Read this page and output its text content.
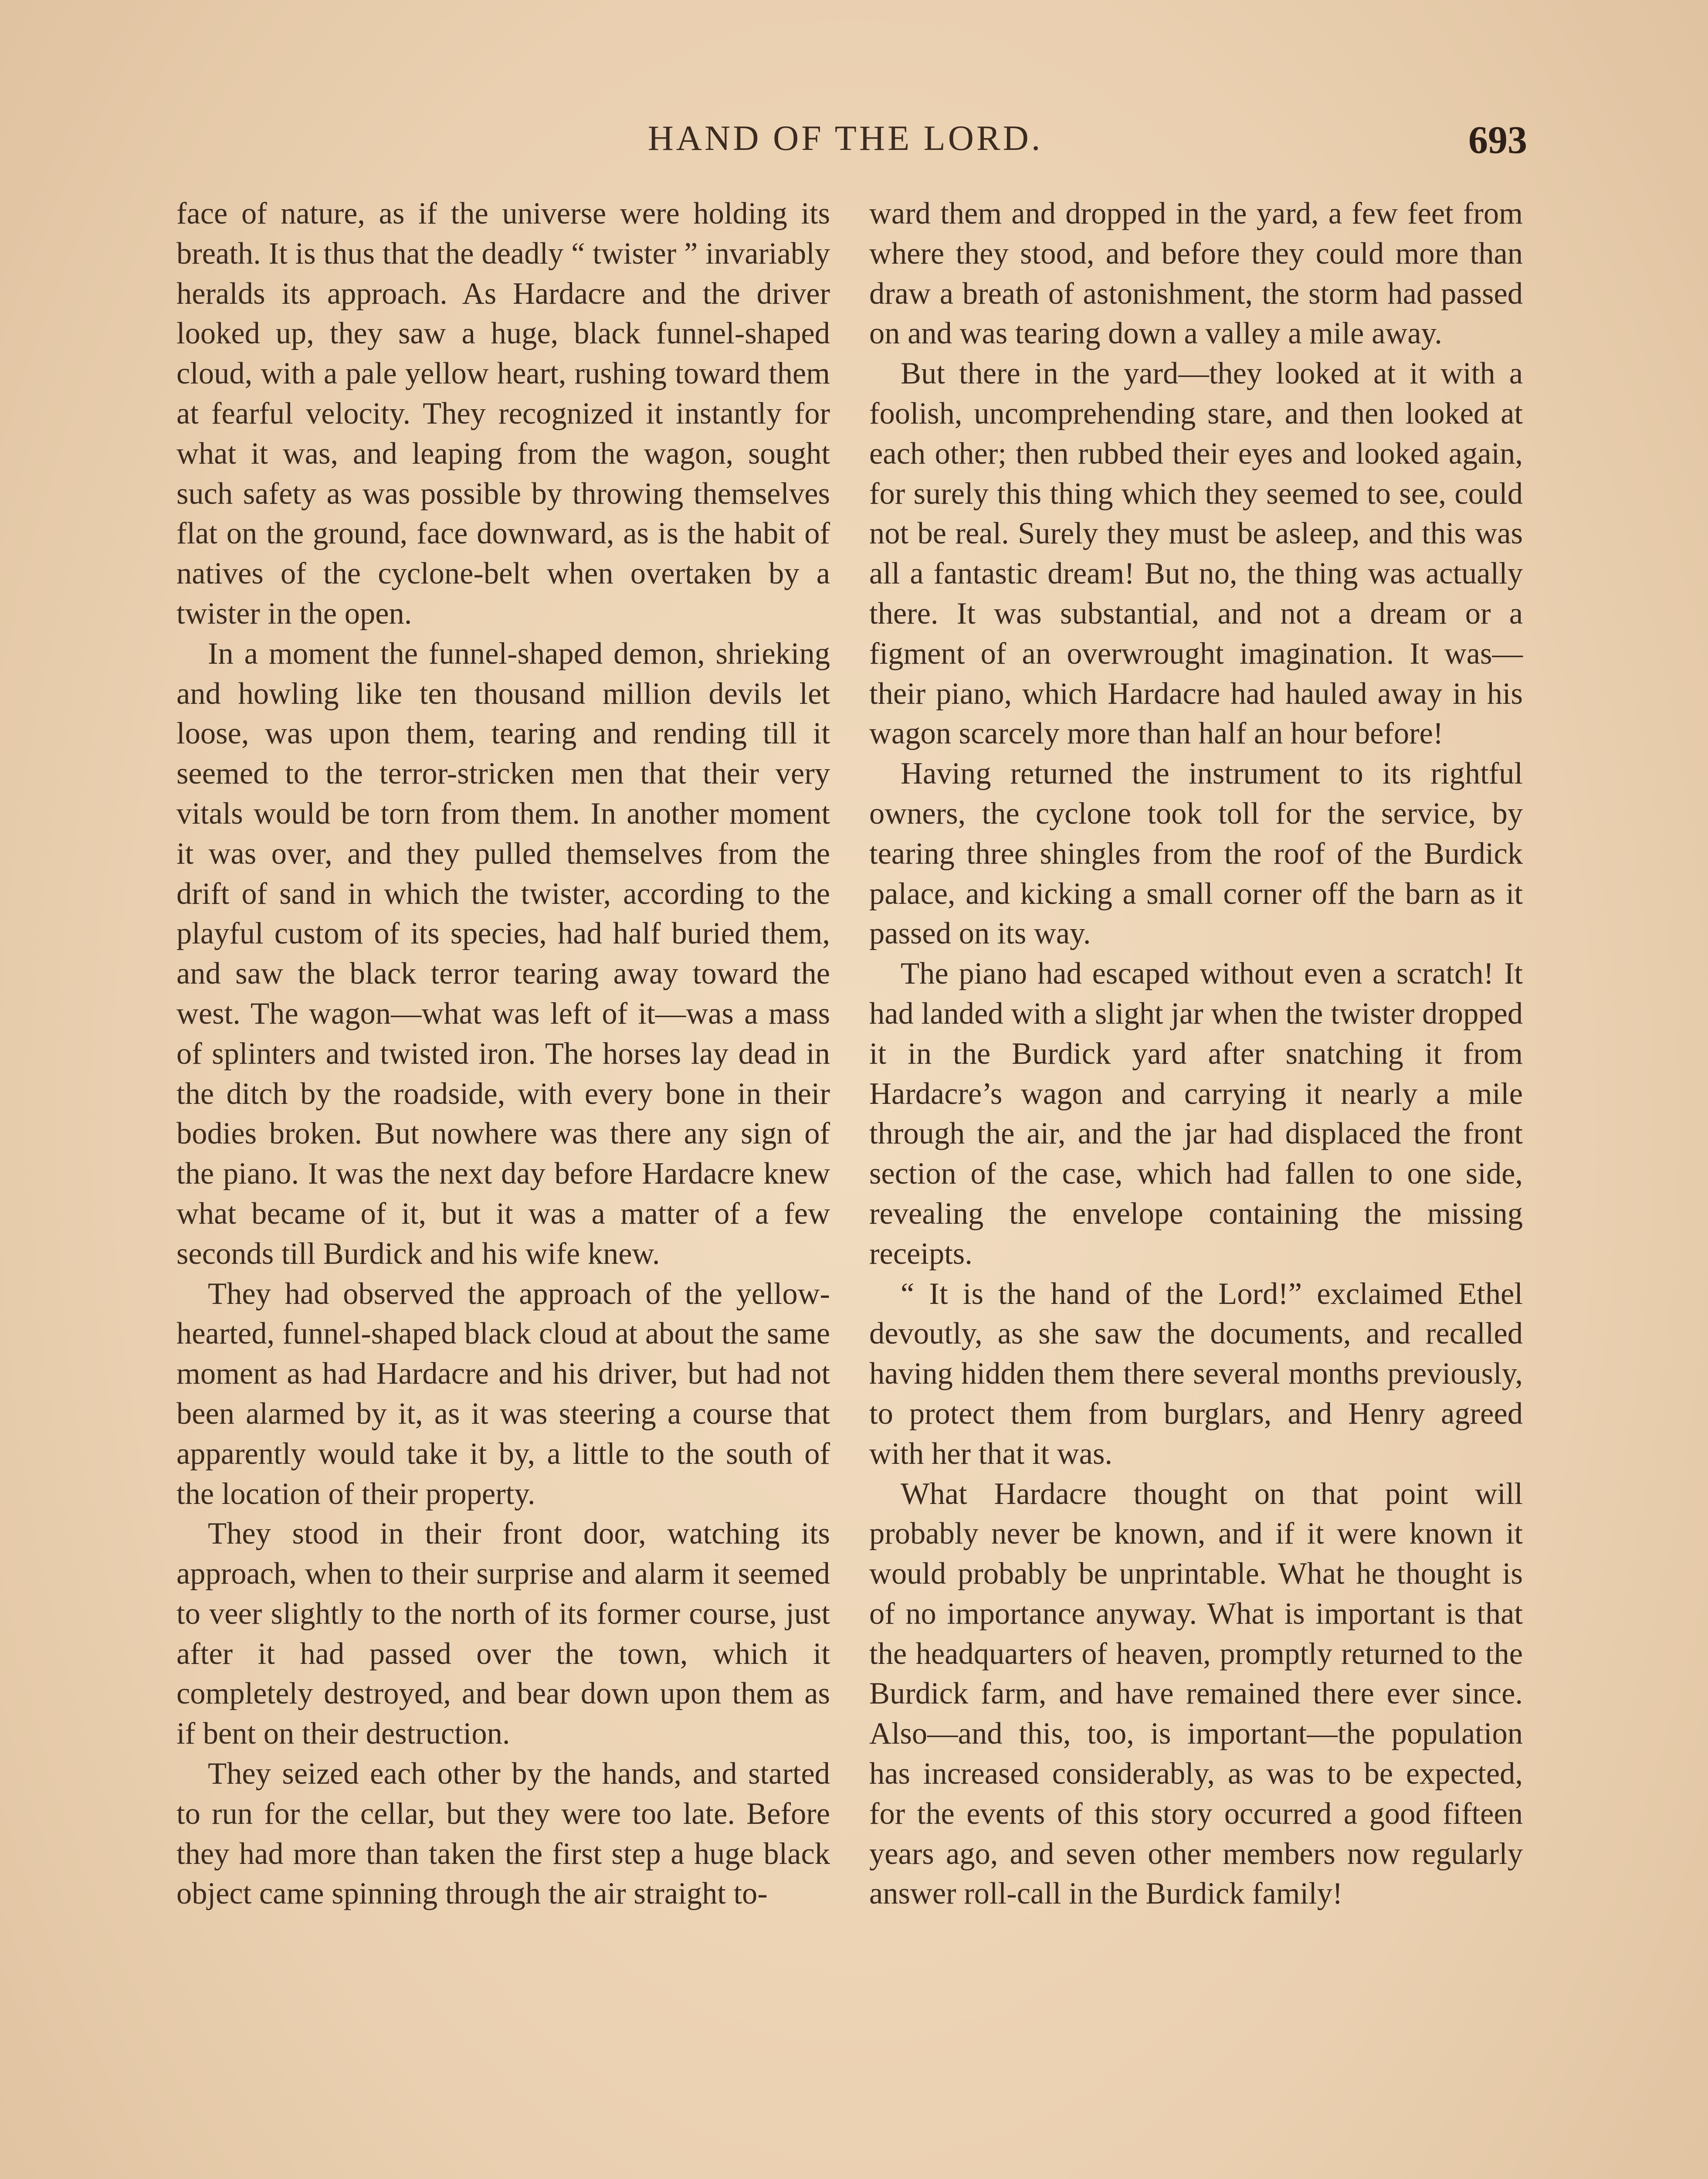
HAND OF THE LORD.	693

face of nature, as if the universe were holding its breath. It is thus that the deadly “ twister ” invariably heralds its approach. As Hardacre and the driver looked up, they saw a huge, black funnel-shaped cloud, with a pale yellow heart, rushing toward them at fearful velocity. They recognized it instantly for what it was, and leaping from the wagon, sought such safety as was possible by throwing themselves flat on the ground, face downward, as is the habit of natives of the cyclone-belt when overtaken by a twister in the open.

In a moment the funnel-shaped demon, shrieking and howling like ten thousand million devils let loose, was upon them, tearing and rending till it seemed to the terror-stricken men that their very vitals would be torn from them. In another moment it was over, and they pulled themselves from the drift of sand in which the twister, according to the playful custom of its species, had half buried them, and saw the black terror tearing away toward the west. The wagon—what was left of it—was a mass of splinters and twisted iron. The horses lay dead in the ditch by the roadside, with every bone in their bodies broken. But nowhere was there any sign of the piano. It was the next day before Hardacre knew what became of it, but it was a matter of a few seconds till Burdick and his wife knew.

They had observed the approach of the yellow-hearted, funnel-shaped black cloud at about the same moment as had Hardacre and his driver, but had not been alarmed by it, as it was steering a course that apparently would take it by, a little to the south of the location of their property.

They stood in their front door, watching its approach, when to their surprise and alarm it seemed to veer slightly to the north of its former course, just after it had passed over the town, which it completely destroyed, and bear down upon them as if bent on their destruction.

They seized each other by the hands, and started to run for the cellar, but they were too late. Before they had more than taken the first step a huge black object came spinning through the air straight to-

ward them and dropped in the yard, a few feet from where they stood, and before they could more than draw a breath of astonishment, the storm had passed on and was tearing down a valley a mile away.

But there in the yard—they looked at it with a foolish, uncomprehending stare, and then looked at each other; then rubbed their eyes and looked again, for surely this thing which they seemed to see, could not be real. Surely they must be asleep, and this was all a fantastic dream! But no, the thing was actually there. It was substantial, and not a dream or a figment of an overwrought imagination. It was—their piano, which Hardacre had hauled away in his wagon scarcely more than half an hour before!

Having returned the instrument to its rightful owners, the cyclone took toll for the service, by tearing three shingles from the roof of the Burdick palace, and kicking a small corner off the barn as it passed on its way.

The piano had escaped without even a scratch! It had landed with a slight jar when the twister dropped it in the Burdick yard after snatching it from Hardacre’s wagon and carrying it nearly a mile through the air, and the jar had displaced the front section of the case, which had fallen to one side, revealing the envelope containing the missing receipts.

“ It is the hand of the Lord!” exclaimed Ethel devoutly, as she saw the documents, and recalled having hidden them there several months previously, to protect them from burglars, and Henry agreed with her that it was.

What Hardacre thought on that point will probably never be known, and if it were known it would probably be unprintable. What he thought is of no importance anyway. What is important is that the headquarters of heaven, promptly returned to the Burdick farm, and have remained there ever since. Also—and this, too, is important—the population has increased considerably, as was to be expected, for the events of this story occurred a good fifteen years ago, and seven other members now regularly answer roll-call in the Burdick family!
